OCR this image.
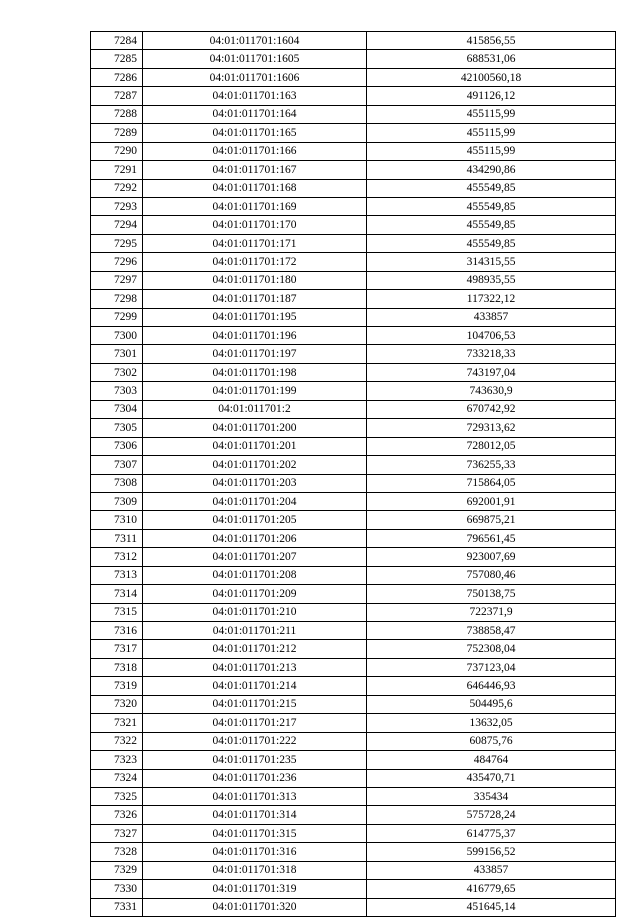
7284	04:01:011701:1604	415856,55
7285	04:01:011701:1605	688531,06
7286	04:01:011701:1606	42100560,18
7287	04:01:011701:163	491126,12
7288	04:01:011701:164	455115,99
7289	04:01:011701:165	455115,99
7290	04:01:011701:166	455115,99
7291	04:01:011701:167	434290,86
7292	04:01:011701:168	455549,85
7293	04:01:011701:169	455549,85
7294	04:01:011701:170	455549,85
7295	04:01:011701:171	455549,85
7296	04:01:011701:172	314315,55
7297	04:01:011701:180	498935,55
7298	04:01:011701:187	117322,12
7299	04:01:011701:195	433857
7300	04:01:011701:196	104706,53
7301	04:01:011701:197	733218,33
7302	04:01:011701:198	743197,04
7303	04:01:011701:199	743630,9
7304	04:01:011701:2	670742,92
7305	04:01:011701:200	729313,62
7306	04:01:011701:201	728012,05
7307	04:01:011701:202	736255,33
7308	04:01:011701:203	715864,05
7309	04:01:011701:204	692001,91
7310	04:01:011701:205	669875,21
7311	04:01:011701:206	796561,45
7312	04:01:011701:207	923007,69
7313	04:01:011701:208	757080,46
7314	04:01:011701:209	750138,75
7315	04:01:011701:210	722371,9
7316	04:01:011701:211	738858,47
7317	04:01:011701:212	752308,04
7318	04:01:011701:213	737123,04
7319	04:01:011701:214	646446,93
7320	04:01:011701:215	504495,6
7321	04:01:011701:217	13632,05
7322	04:01:011701:222	60875,76
7323	04:01:011701:235	484764
7324	04:01:011701:236	435470,71
7325	04:01:011701:313	335434
7326	04:01:011701:314	575728,24
7327	04:01:011701:315	614775,37
7328	04:01:011701:316	599156,52
7329	04:01:011701:318	433857
7330	04:01:011701:319	416779,65
7331	04:01:011701:320	451645,14
